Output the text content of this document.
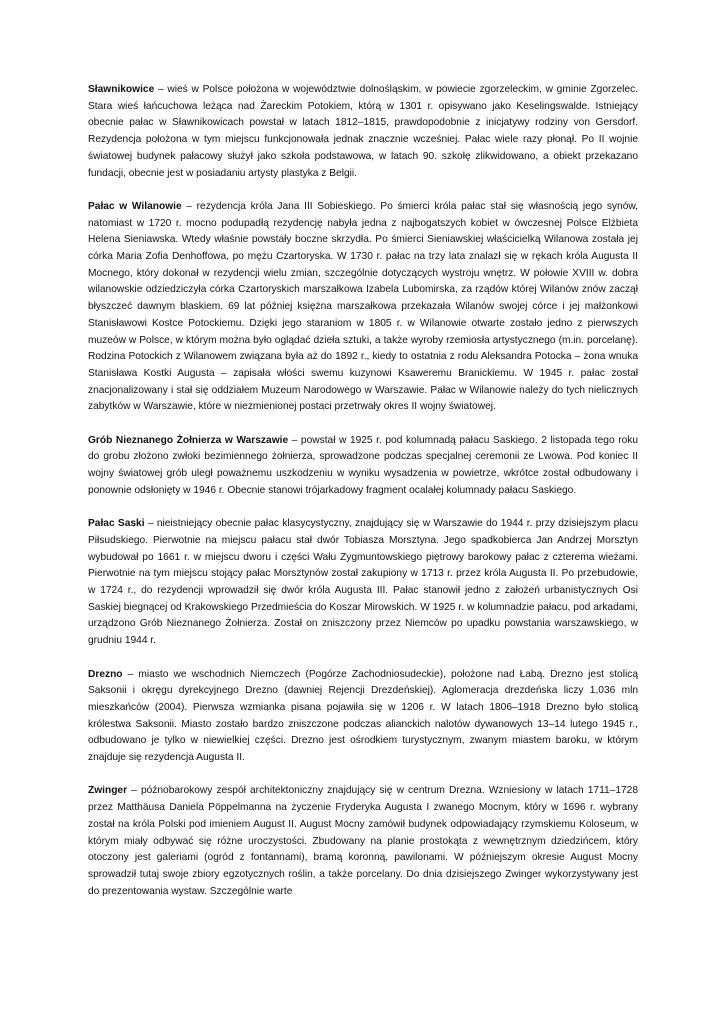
Sławnikowice – wieś w Polsce położona w województwie dolnośląskim, w powiecie zgorzeleckim, w gminie Zgorzelec. Stara wieś łańcuchowa leżąca nad Żareckim Potokiem, którą w 1301 r. opisywano jako Keselingswalde. Istniejący obecnie pałac w Sławnikowicach powstał w latach 1812–1815, prawdopodobnie z inicjatywy rodziny von Gersdorf. Rezydencja położona w tym miejscu funkcjonowała jednak znacznie wcześniej. Pałac wiele razy płonął. Po II wojnie światowej budynek pałacowy służył jako szkoła podstawowa, w latach 90. szkołę zlikwidowano, a obiekt przekazano fundacji, obecnie jest w posiadaniu artysty plastyka z Belgii.

Pałac w Wilanowie – rezydencja króla Jana III Sobieskiego. Po śmierci króla pałac stał się własnością jego synów, natomiast w 1720 r. mocno podupadłą rezydencję nabyła jedna z najbogatszych kobiet w ówczesnej Polsce Elżbieta Helena Sieniawska. Wtedy właśnie powstały boczne skrzydła. Po śmierci Sieniawskiej właścicielką Wilanowa została jej córka Maria Zofia Denhoffowa, po mężu Czartoryska. W 1730 r. pałac na trzy lata znalazł się w rękach króla Augusta II Mocnego, który dokonał w rezydencji wielu zmian, szczególnie dotyczących wystroju wnętrz. W połowie XVIII w. dobra wilanowskie odziedziczyła córka Czartoryskich marszałkowa Izabela Lubomirska, za rządów której Wilanów znów zaczął błyszczeć dawnym blaskiem. 69 lat później księżna marszałkowa przekazała Wilanów swojej córce i jej małżonkowi Stanisławowi Kostce Potockiemu. Dzięki jego staraniom w 1805 r. w Wilanowie otwarte zostało jedno z pierwszych muzeów w Polsce, w którym można było oglądać dzieła sztuki, a także wyroby rzemiosła artystycznego (m.in. porcelanę). Rodzina Potockich z Wilanowem związana była aż do 1892 r., kiedy to ostatnia z rodu Aleksandra Potocka – żona wnuka Stanisława Kostki Augusta – zapisała włości swemu kuzynowi Ksaweremu Branickiemu. W 1945 r. pałac został znacjonalizowany i stał się oddziałem Muzeum Narodowego w Warszawie. Pałac w Wilanowie należy do tych nielicznych zabytków w Warszawie, które w niezmienionej postaci przetrwały okres II wojny światowej.

Grób Nieznanego Żołnierza w Warszawie – powstał w 1925 r. pod kolumnadą pałacu Saskiego. 2 listopada tego roku do grobu złożono zwłoki bezimiennego żołnierza, sprowadzone podczas specjalnej ceremonii ze Lwowa. Pod koniec II wojny światowej grób uległ poważnemu uszkodzeniu w wyniku wysadzenia w powietrze, wkrótce został odbudowany i ponownie odsłonięty w 1946 r. Obecnie stanowi trójarkadowy fragment ocalałej kolumnady pałacu Saskiego.

Pałac Saski – nieistniejący obecnie pałac klasycystyczny, znajdujący się w Warszawie do 1944 r. przy dzisiejszym placu Piłsudskiego. Pierwotnie na miejscu pałacu stał dwór Tobiasza Morsztyna. Jego spadkobierca Jan Andrzej Morsztyn wybudował po 1661 r. w miejscu dworu i części Wału Zygmuntowskiego piętrowy barokowy pałac z czterema wieżami. Pierwotnie na tym miejscu stojący pałac Morsztynów został zakupiony w 1713 r. przez króla Augusta II. Po przebudowie, w 1724 r., do rezydencji wprowadził się dwór króla Augusta III. Pałac stanowił jedno z założeń urbanistycznych Osi Saskiej biegnącej od Krakowskiego Przedmieścia do Koszar Mirowskich. W 1925 r. w kolumnadzie pałacu, pod arkadami, urządzono Grób Nieznanego Żołnierza. Został on zniszczony przez Niemców po upadku powstania warszawskiego, w grudniu 1944 r.

Drezno – miasto we wschodnich Niemczech (Pogórze Zachodniosudeckie), położone nad Łabą. Drezno jest stolicą Saksonii i okręgu dyrekcyjnego Drezno (dawniej Rejencji Drezdeńskiej). Aglomeracja drezdeńska liczy 1,036 mln mieszkańców (2004). Pierwsza wzmianka pisana pojawiła się w 1206 r. W latach 1806–1918 Drezno było stolicą królestwa Saksonii. Miasto zostało bardzo zniszczone podczas alianckich nalotów dywanowych 13–14 lutego 1945 r., odbudowano je tylko w niewielkiej części. Drezno jest ośrodkiem turystycznym, zwanym miastem baroku, w którym znajduje się rezydencja Augusta II.

Zwinger – późnobarokowy zespół architektoniczny znajdujący się w centrum Drezna. Wzniesiony w latach 1711–1728 przez Matthäusa Daniela Pöppelmanna na życzenie Fryderyka Augusta I zwanego Mocnym, który w 1696 r. wybrany został na króla Polski pod imieniem August II. August Mocny zamówił budynek odpowiadający rzymskiemu Koloseum, w którym miały odbywać się różne uroczystości. Zbudowany na planie prostokąta z wewnętrznym dziedzińcem, który otoczony jest galeriami (ogród z fontannami), bramą koronną, pawilonami. W późniejszym okresie August Mocny sprowadził tutaj swoje zbiory egzotycznych roślin, a także porcelany. Do dnia dzisiejszego Zwinger wykorzystywany jest do prezentowania wystaw. Szczególnie warte
